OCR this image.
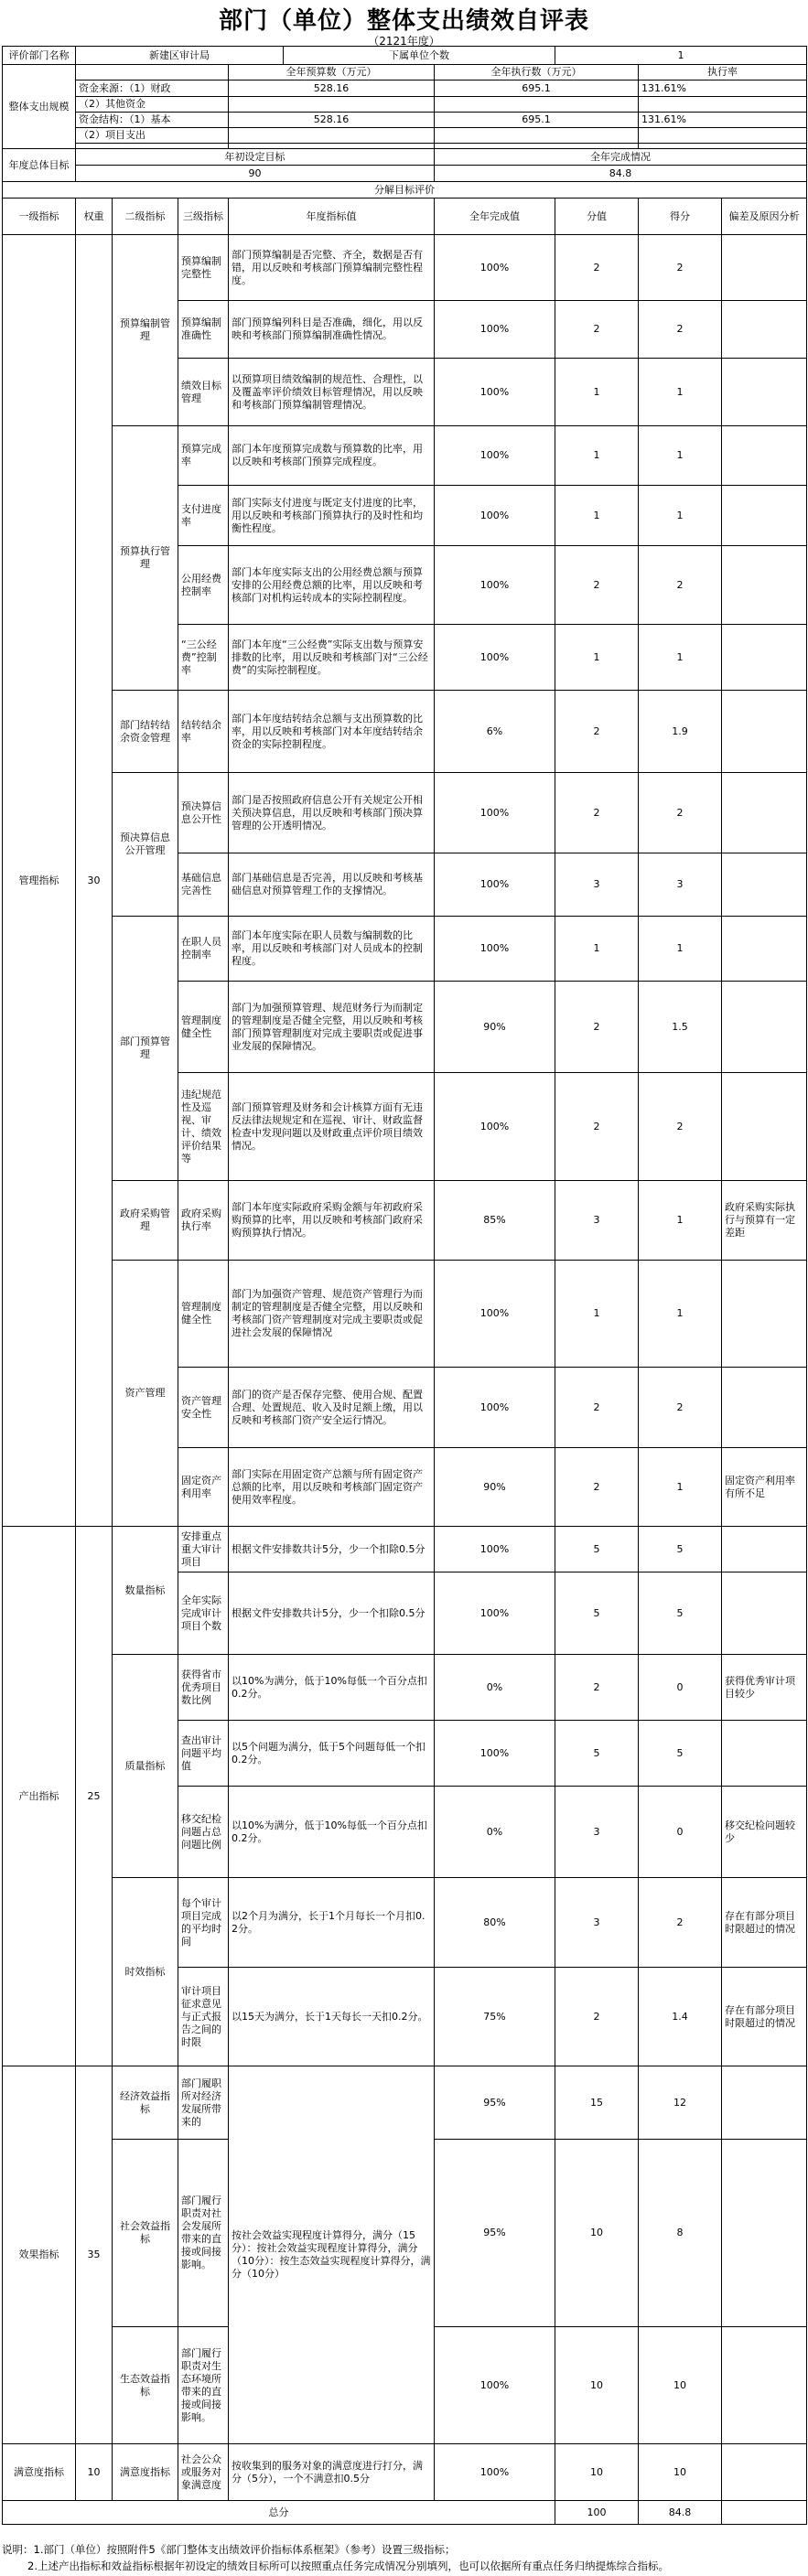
部门（单位）整体支出绩效自评表
（2121年度）
评价部门名称	新建区审计局				下属单位个数		1		
整体支出规模				全年预算数（万元）		全年执行数（万元）		执行率	
	资金来源：（1）财政			528.16		695.1		131.61%	
	（2）其他资金								
	资金结构：（1）基本			528.16		695.1		131.61%	
	（2）项目支出								

年度总体目标	年初设定目标					全年完成情况			
	90					84.8			
分解目标评价									
一级指标	权重	二级指标	三级指标	年度指标值		全年完成值	分值	得分	偏差及原因分析
管理指标	30	预算编制管理	预算编制完整性	部门预算编制是否完整、齐全，数据是否有错，用以反映和考核部门预算编制完整性程度。		100%	2	2	
			预算编制准确性	部门预算编列科目是否准确，细化，用以反映和考核部门预算编制准确性情况。		100%	2	2	
			绩效目标管理	以预算项目绩效编制的规范性、合理性，以及覆盖率评价绩效目标管理情况，用以反映和考核部门预算编制管理情况。		100%	1	1	
		预算执行管理	预算完成率	部门本年度预算完成数与预算数的比率，用以反映和考核部门预算完成程度。		100%	1	1	
			支付进度率	部门实际支付进度与既定支付进度的比率，用以反映和考核部门预算执行的及时性和均衡性程度。		100%	1	1	
			公用经费控制率	部门本年度实际支出的公用经费总额与预算安排的公用经费总额的比率，用以反映和考核部门对机构运转成本的实际控制程度。		100%	2	2	
			“三公经费”控制率	部门本年度“三公经费”实际支出数与预算安排数的比率，用以反映和考核部门对“三公经费”的实际控制程度。		100%	1	1	
		部门结转结余资金管理	结转结余率	部门本年度结转结余总额与支出预算数的比率，用以反映和考核部门对本年度结转结余资金的实际控制程度。		6%	2	1.9	
		预决算信息公开管理	预决算信息公开性	部门是否按照政府信息公开有关规定公开相关预决算信息，用以反映和考核部门预决算管理的公开透明情况。		100%	2	2	
			基础信息完善性	部门基础信息是否完善，用以反映和考核基础信息对预算管理工作的支撑情况。		100%	3	3	
		部门预算管理	在职人员控制率	部门本年度实际在职人员数与编制数的比率，用以反映和考核部门对人员成本的控制程度。		100%	1	1	
			管理制度健全性	部门为加强预算管理、规范财务行为而制定的管理制度是否健全完整，用以反映和考核部门预算管理制度对完成主要职责或促进事业发展的保障情况。		90%	2	1.5	
			违纪规范性及巡视、审计、绩效评价结果等	部门预算管理及财务和会计核算方面有无违反法律法规规定和在巡视、审计、财政监督检查中发现问题以及财政重点评价项目绩效情况。		100%	2	2	
		政府采购管理	政府采购执行率	部门本年度实际政府采购金额与年初政府采购预算的比率，用以反映和考核部门政府采购预算执行情况。		85%	3	1	政府采购实际执行与预算有一定差距
		资产管理	管理制度健全性	部门为加强资产管理、规范资产管理行为而制定的管理制度是否健全完整，用以反映和考核部门资产管理制度对完成主要职责或促进社会发展的保障情况		100%	1	1	
			资产管理安全性	部门的资产是否保存完整、使用合规、配置合理、处置规范、收入及时足额上缴，用以反映和考核部门资产安全运行情况。		100%	2	2	
			固定资产利用率	部门实际在用固定资产总额与所有固定资产总额的比率，用以反映和考核部门固定资产使用效率程度。		90%	2	1	固定资产利用率有所不足
产出指标	25	数量指标	安排重点重大审计项目	根据文件安排数共计5分，少一个扣除0.5分		100%	5	5	
			全年实际完成审计项目个数	根据文件安排数共计5分，少一个扣除0.5分		100%	5	5	
		质量指标	获得省市优秀项目数比例	以10%为满分，低于10%每低一个百分点扣0.2分。		0%	2	0	获得优秀审计项目较少
			查出审计问题平均值	以5个问题为满分，低于5个问题每低一个扣0.2分。		100%	5	5	
			移交纪检问题占总问题比例	以10%为满分，低于10%每低一个百分点扣0.2分。		0%	3	0	移交纪检问题较少
		时效指标	每个审计项目完成的平均时间	以2个月为满分，长于1个月每长一个月扣0.2分。		80%	3	2	存在有部分项目时限超过的情况
			审计项目征求意见与正式报告之间的时限	以15天为满分，长于1天每长一天扣0.2分。		75%	2	1.4	存在有部分项目时限超过的情况
效果指标	35	经济效益指标	部门履职所对经济发展所带来的	按社会效益实现程度计算得分，满分（15分）：按社会效益实现程度计算得分，满分（10分）：按生态效益实现程度计算得分，满分（10分）		95%	15	12	
		社会效益指标	部门履行职责对社会发展所带来的直接或间接影响。			95%	10	8	
		生态效益指标	部门履行职责对生态环境所带来的直接或间接影响。			100%	10	10	
满意度指标	10	满意度指标	社会公众或服务对象满意度	按收集到的服务对象的满意度进行打分，满分（5分），一个不满意扣0.5分		100%	10	10	
总分							100	84.8	
说明：1.部门（单位）按照附件5《部门整体支出绩效评价指标体系框架》（参考）设置三级指标；
2.上述产出指标和效益指标根据年初设定的绩效目标所可以按照重点任务完成情况分别填列，也可以依据所有重点任务归纳提炼综合指标。
